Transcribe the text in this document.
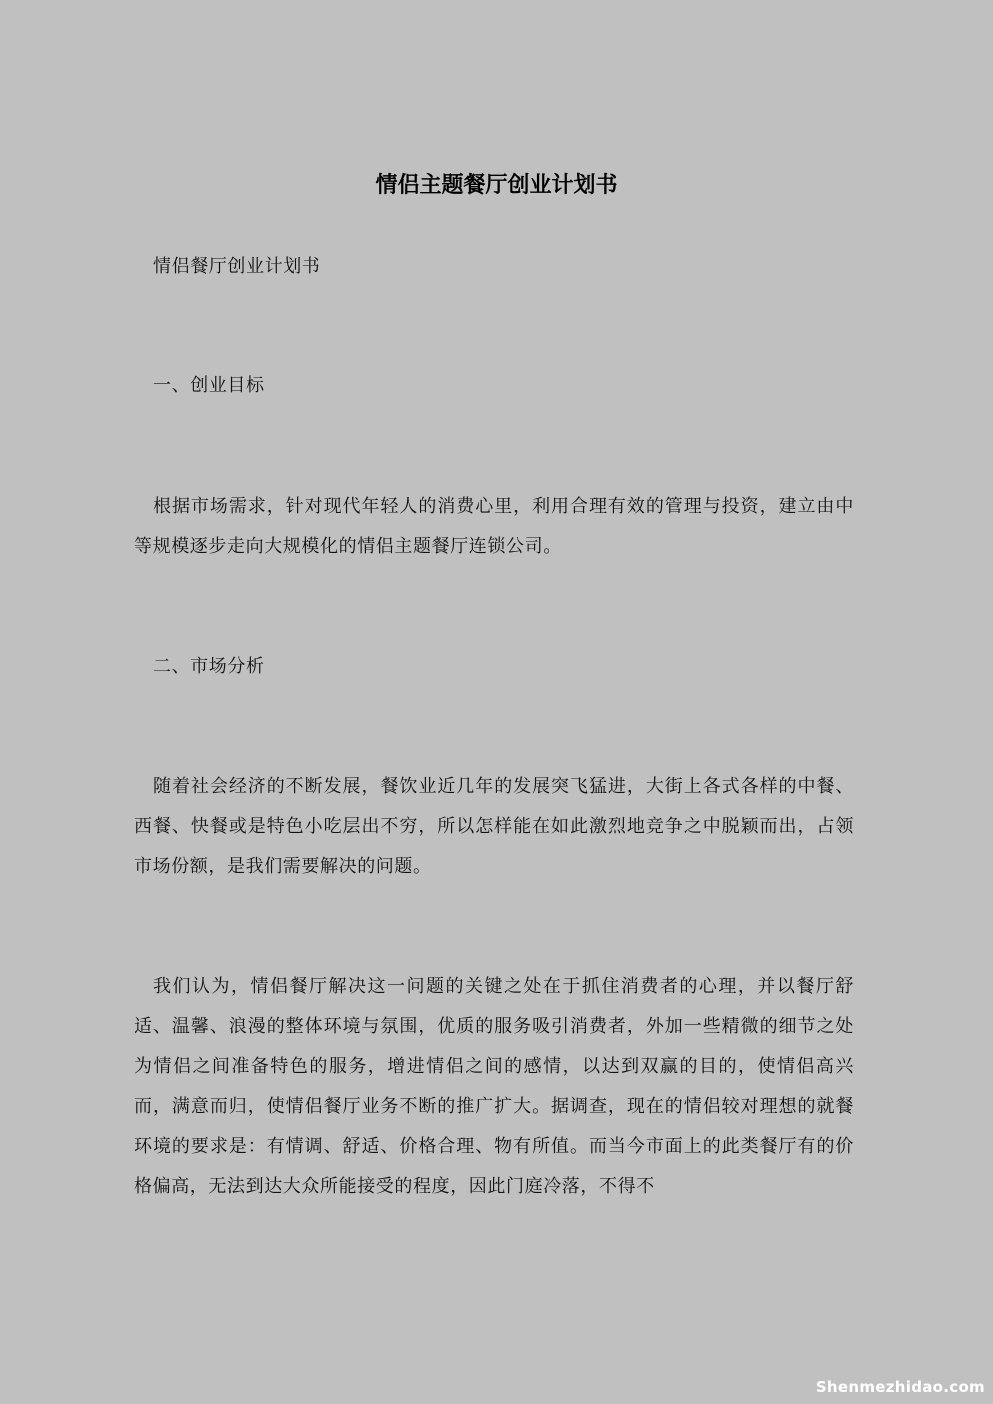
情侣主题餐厅创业计划书

情侣餐厅创业计划书

一、创业目标

根据市场需求，针对现代年轻人的消费心里，利用合理有效的管理与投资，建立由中等规模逐步走向大规模化的情侣主题餐厅连锁公司。

二、市场分析

随着社会经济的不断发展，餐饮业近几年的发展突飞猛进，大街上各式各样的中餐、西餐、快餐或是特色小吃层出不穷，所以怎样能在如此激烈地竞争之中脱颖而出，占领市场份额，是我们需要解决的问题。

我们认为，情侣餐厅解决这一问题的关键之处在于抓住消费者的心理，并以餐厅舒适、温馨、浪漫的整体环境与氛围，优质的服务吸引消费者，外加一些精微的细节之处为情侣之间准备特色的服务，增进情侣之间的感情，以达到双赢的目的，使情侣高兴而，满意而归，使情侣餐厅业务不断的推广扩大。据调查，现在的情侣较对理想的就餐环境的要求是：有情调、舒适、价格合理、物有所值。而当今市面上的此类餐厅有的价格偏高，无法到达大众所能接受的程度，因此门庭冷落，不得不

Shenmezhidao.com
